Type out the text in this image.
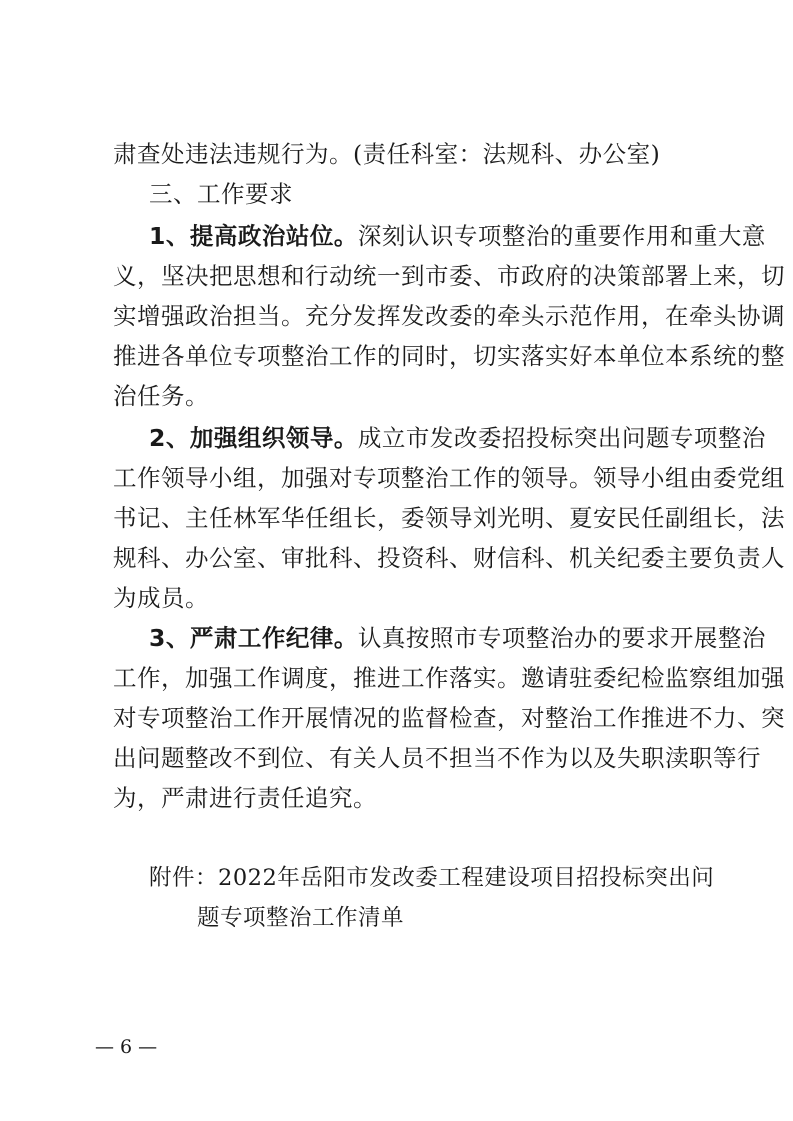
肃查处违法违规行为。(责任科室：法规科、办公室)
三、工作要求
1、提高政治站位。深刻认识专项整治的重要作用和重大意
义，坚决把思想和行动统一到市委、市政府的决策部署上来，切
实增强政治担当。充分发挥发改委的牵头示范作用，在牵头协调
推进各单位专项整治工作的同时，切实落实好本单位本系统的整
治任务。
2、加强组织领导。成立市发改委招投标突出问题专项整治
工作领导小组，加强对专项整治工作的领导。领导小组由委党组
书记、主任林军华任组长，委领导刘光明、夏安民任副组长，法
规科、办公室、审批科、投资科、财信科、机关纪委主要负责人
为成员。
3、严肃工作纪律。认真按照市专项整治办的要求开展整治
工作，加强工作调度，推进工作落实。邀请驻委纪检监察组加强
对专项整治工作开展情况的监督检查，对整治工作推进不力、突
出问题整改不到位、有关人员不担当不作为以及失职渎职等行
为，严肃进行责任追究。
附件：2022年岳阳市发改委工程建设项目招投标突出问
题专项整治工作清单
— 6 —
